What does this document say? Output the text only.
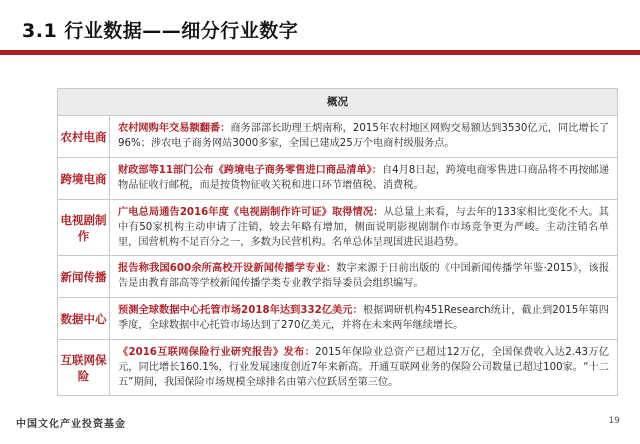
3.1 行业数据——细分行业数字
概况
农村电商
农村网购年交易额翻番：商务部部长助理王炳南称，2015年农村地区网购交易额达到3530亿元，同比增长了96%；涉农电子商务网站3000多家，全国已建成25万个电商村级服务点。
跨境电商
财政部等11部门公布《跨境电子商务零售进口商品清单》：自4月8日起，跨境电商零售进口商品将不再按邮递物品征收行邮税，而是按货物征收关税和进口环节增值税、消费税。
电视剧制作
广电总局通告2016年度《电视剧制作许可证》取得情况：从总量上来看，与去年的133家相比变化不大。其中有50家机构主动申请了注销，较去年略有增加，侧面说明影视剧制作市场竞争更为严峻。主动注销名单里，国营机构不足百分之一，多数为民营机构。名单总体呈现国进民退趋势。
新闻传播
报告称我国600余所高校开设新闻传播学专业：数字来源于日前出版的《中国新闻传播学年鉴·2015》，该报告是由教育部高等学校新闻传播学类专业教学指导委员会组织编写。
数据中心
预测全球数据中心托管市场2018年达到332亿美元：根据调研机构451Research统计，截止到2015年第四季度，全球数据中心托管市场达到了270亿美元，并将在未来两年继续增长。
互联网保险
《2016互联网保险行业研究报告》发布：2015年保险业总资产已超过12万亿，全国保费收入达2.43万亿元，同比增长160.1%，行业发展速度创近7年来新高。开通互联网业务的保险公司数量已超过100家。“十二五”期间，我国保险市场规模全球排名由第六位跃居至第三位。
中国文化产业投资基金	19
